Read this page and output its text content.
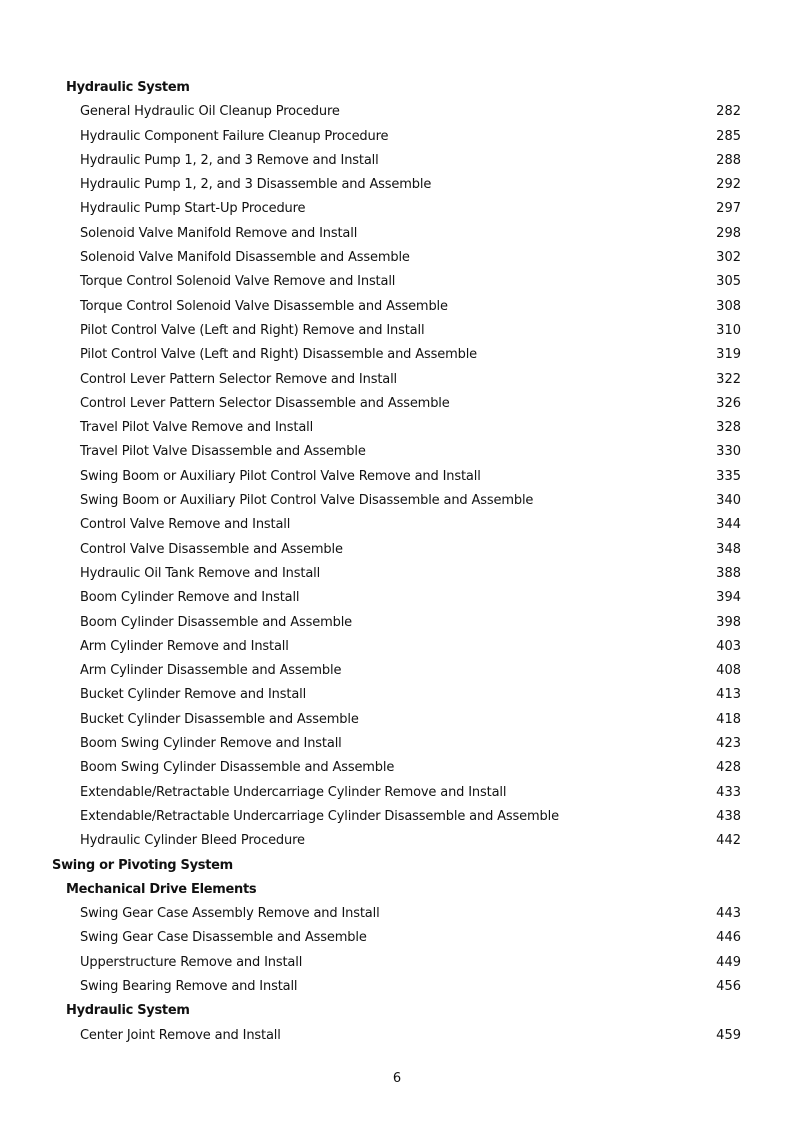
Hydraulic System
General Hydraulic Oil Cleanup Procedure	282
Hydraulic Component Failure Cleanup Procedure	285
Hydraulic Pump 1, 2, and 3 Remove and Install	288
Hydraulic Pump 1, 2, and 3 Disassemble and Assemble	292
Hydraulic Pump Start-Up Procedure	297
Solenoid Valve Manifold Remove and Install	298
Solenoid Valve Manifold Disassemble and Assemble	302
Torque Control Solenoid Valve Remove and Install	305
Torque Control Solenoid Valve Disassemble and Assemble	308
Pilot Control Valve (Left and Right) Remove and Install	310
Pilot Control Valve (Left and Right) Disassemble and Assemble	319
Control Lever Pattern Selector Remove and Install	322
Control Lever Pattern Selector Disassemble and Assemble	326
Travel Pilot Valve Remove and Install	328
Travel Pilot Valve Disassemble and Assemble	330
Swing Boom or Auxiliary Pilot Control Valve Remove and Install	335
Swing Boom or Auxiliary Pilot Control Valve Disassemble and Assemble	340
Control Valve Remove and Install	344
Control Valve Disassemble and Assemble	348
Hydraulic Oil Tank Remove and Install	388
Boom Cylinder Remove and Install	394
Boom Cylinder Disassemble and Assemble	398
Arm Cylinder Remove and Install	403
Arm Cylinder Disassemble and Assemble	408
Bucket Cylinder Remove and Install	413
Bucket Cylinder Disassemble and Assemble	418
Boom Swing Cylinder Remove and Install	423
Boom Swing Cylinder Disassemble and Assemble	428
Extendable/Retractable Undercarriage Cylinder Remove and Install	433
Extendable/Retractable Undercarriage Cylinder Disassemble and Assemble	438
Hydraulic Cylinder Bleed Procedure	442
Swing or Pivoting System
Mechanical Drive Elements
Swing Gear Case Assembly Remove and Install	443
Swing Gear Case Disassemble and Assemble	446
Upperstructure Remove and Install	449
Swing Bearing Remove and Install	456
Hydraulic System
Center Joint Remove and Install	459
6
